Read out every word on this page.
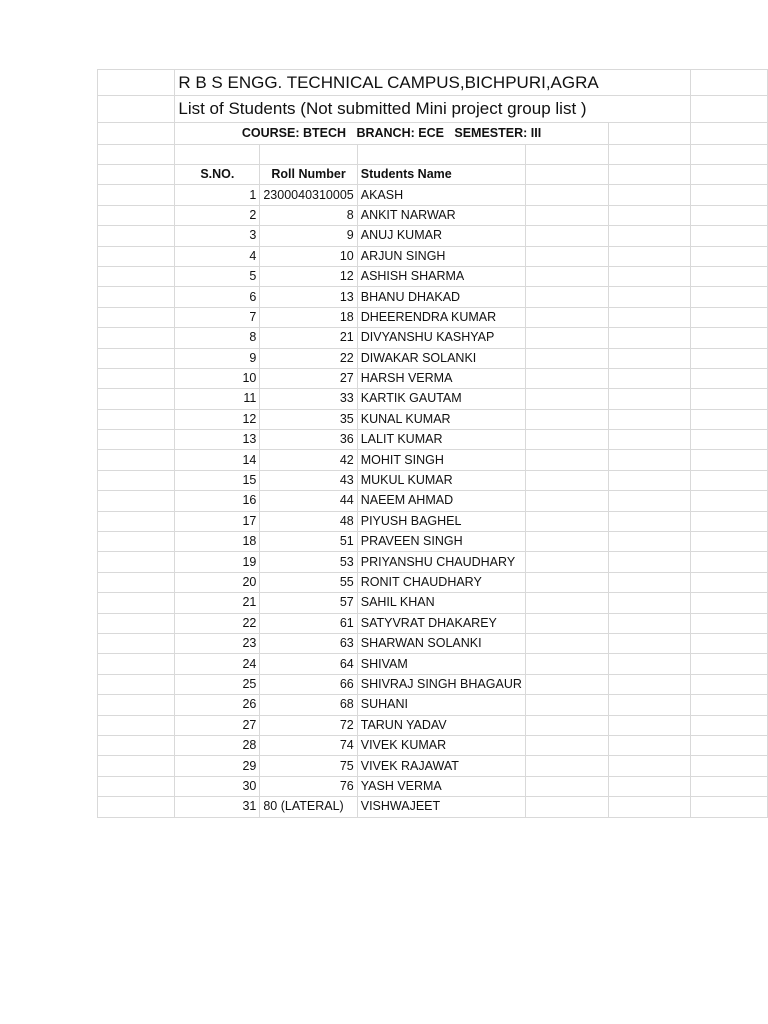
	R B S ENGG. TECHNICAL CAMPUS,BICHPURI,AGRA					
	List of Students (Not submitted Mini project group list )					
	COURSE: BTECH   BRANCH: ECE   SEMESTER: III					

	S.NO.	Roll Number	Students Name			
	1	2300040310005	AKASH			
	2	8	ANKIT NARWAR			
	3	9	ANUJ KUMAR			
	4	10	ARJUN SINGH			
	5	12	ASHISH SHARMA			
	6	13	BHANU DHAKAD			
	7	18	DHEERENDRA KUMAR			
	8	21	DIVYANSHU KASHYAP			
	9	22	DIWAKAR SOLANKI			
	10	27	HARSH VERMA			
	11	33	KARTIK GAUTAM			
	12	35	KUNAL KUMAR			
	13	36	LALIT KUMAR			
	14	42	MOHIT SINGH			
	15	43	MUKUL KUMAR			
	16	44	NAEEM AHMAD			
	17	48	PIYUSH BAGHEL			
	18	51	PRAVEEN SINGH			
	19	53	PRIYANSHU CHAUDHARY			
	20	55	RONIT CHAUDHARY			
	21	57	SAHIL KHAN			
	22	61	SATYVRAT DHAKAREY			
	23	63	SHARWAN SOLANKI			
	24	64	SHIVAM			
	25	66	SHIVRAJ SINGH BHAGAUR			
	26	68	SUHANI			
	27	72	TARUN YADAV			
	28	74	VIVEK KUMAR			
	29	75	VIVEK RAJAWAT			
	30	76	YASH VERMA			
	31	80 (LATERAL)	VISHWAJEET			
